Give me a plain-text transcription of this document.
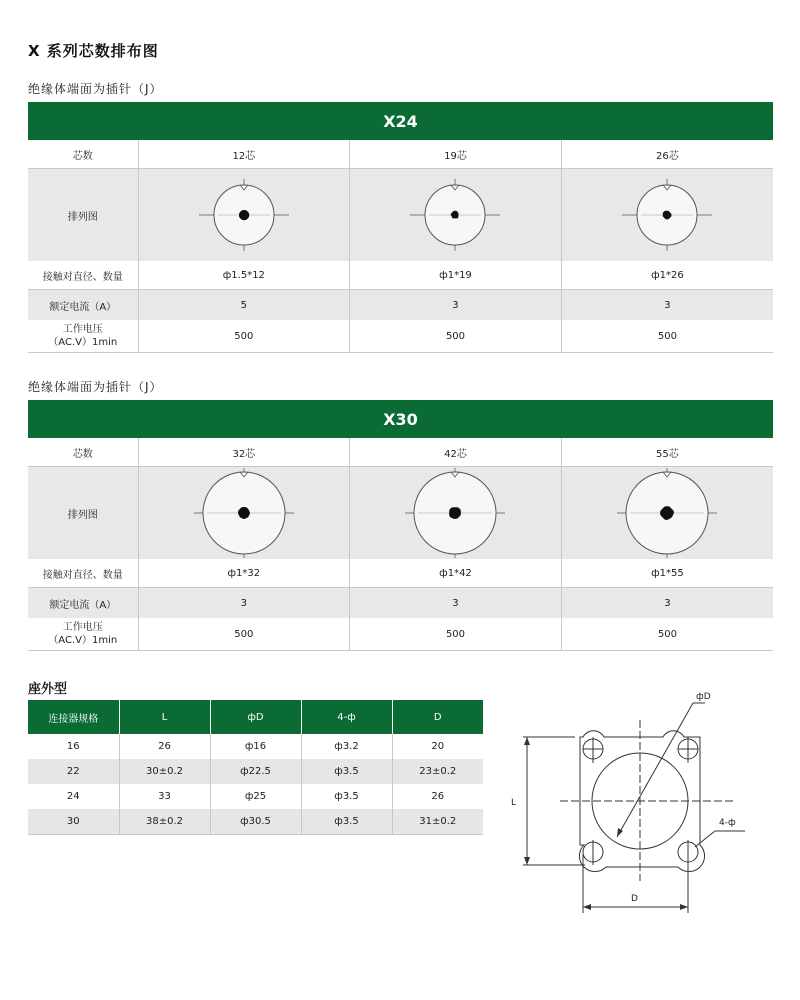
X 系列芯数排布图
绝缘体端面为插针（J）
X24			
芯数	12芯	19芯	26芯
排列图	

接触对直径、数量	ф1.5*12	ф1*19	ф1*26
额定电流（A）	5	3	3
工作电压
（AC.V）1min	500	500	500
绝缘体端面为插针（J）
X30			
芯数	32芯	42芯	55芯
排列图	

接触对直径、数量	ф1*32	ф1*42	ф1*55
额定电流（A）	3	3	3
工作电压
（AC.V）1min	500	500	500
座外型
连接器规格	L	фD	4-ф	D
16	26	ф16	ф3.2	20
22	30±0.2	ф22.5	ф3.5	23±0.2
24	33	ф25	ф3.5	26
30	38±0.2	ф30.5	ф3.5	31±0.2
фD
L
4-ф
D
